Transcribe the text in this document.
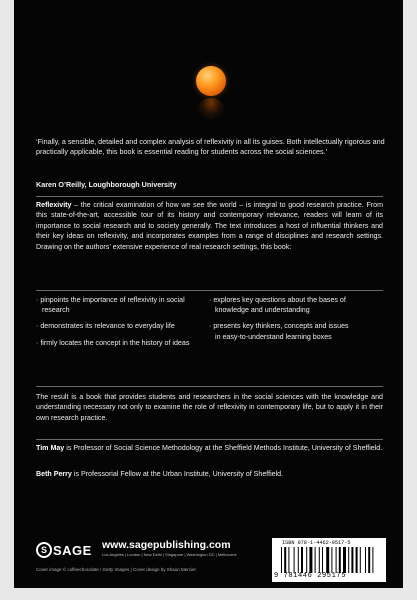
‘Finally, a sensible, detailed and complex analysis of reflexivity in all its guises. Both intellectually rigorous and practically applicable, this book is essential reading for students across the social sciences.’
Karen O’Reilly, Loughborough University
Reflexivity – the critical examination of how we see the world – is integral to good research practice. From this state-of-the-art, accessible tour of its history and contemporary relevance, readers will learn of its importance to social research and to society generally. The text introduces a host of influential thinkers and their key ideas on reflexivity, and incorporates examples from a range of disciplines and research settings. Drawing on the authors’ extensive experience of real research settings, this book:
· pinpoints the importance of reflexivity in social research
· demonstrates its relevance to everyday life
· firmly locates the concept in the history of ideas
· explores key questions about the bases of knowledge and understanding
· presents key thinkers, concepts and issues in easy-to-understand learning boxes
The result is a book that provides students and researchers in the social sciences with the knowledge and understanding necessary not only to examine the role of reflexivity in contemporary life, but to apply it in their own research practice.
Tim May is Professor of Social Science Methodology at the Sheffield Methods Institute, University of Sheffield.
Beth Perry is Professorial Fellow at the Urban Institute, University of Sheffield.
S SAGE www.sagepublishing.com
Los Angeles | London | New Delhi | Singapore | Washington DC | Melbourne
Cover image © coffeechocolate / Getty Images | Cover design by Shaun Mercier
ISBN 978-1-4462-9517-5
9 781446 295175
